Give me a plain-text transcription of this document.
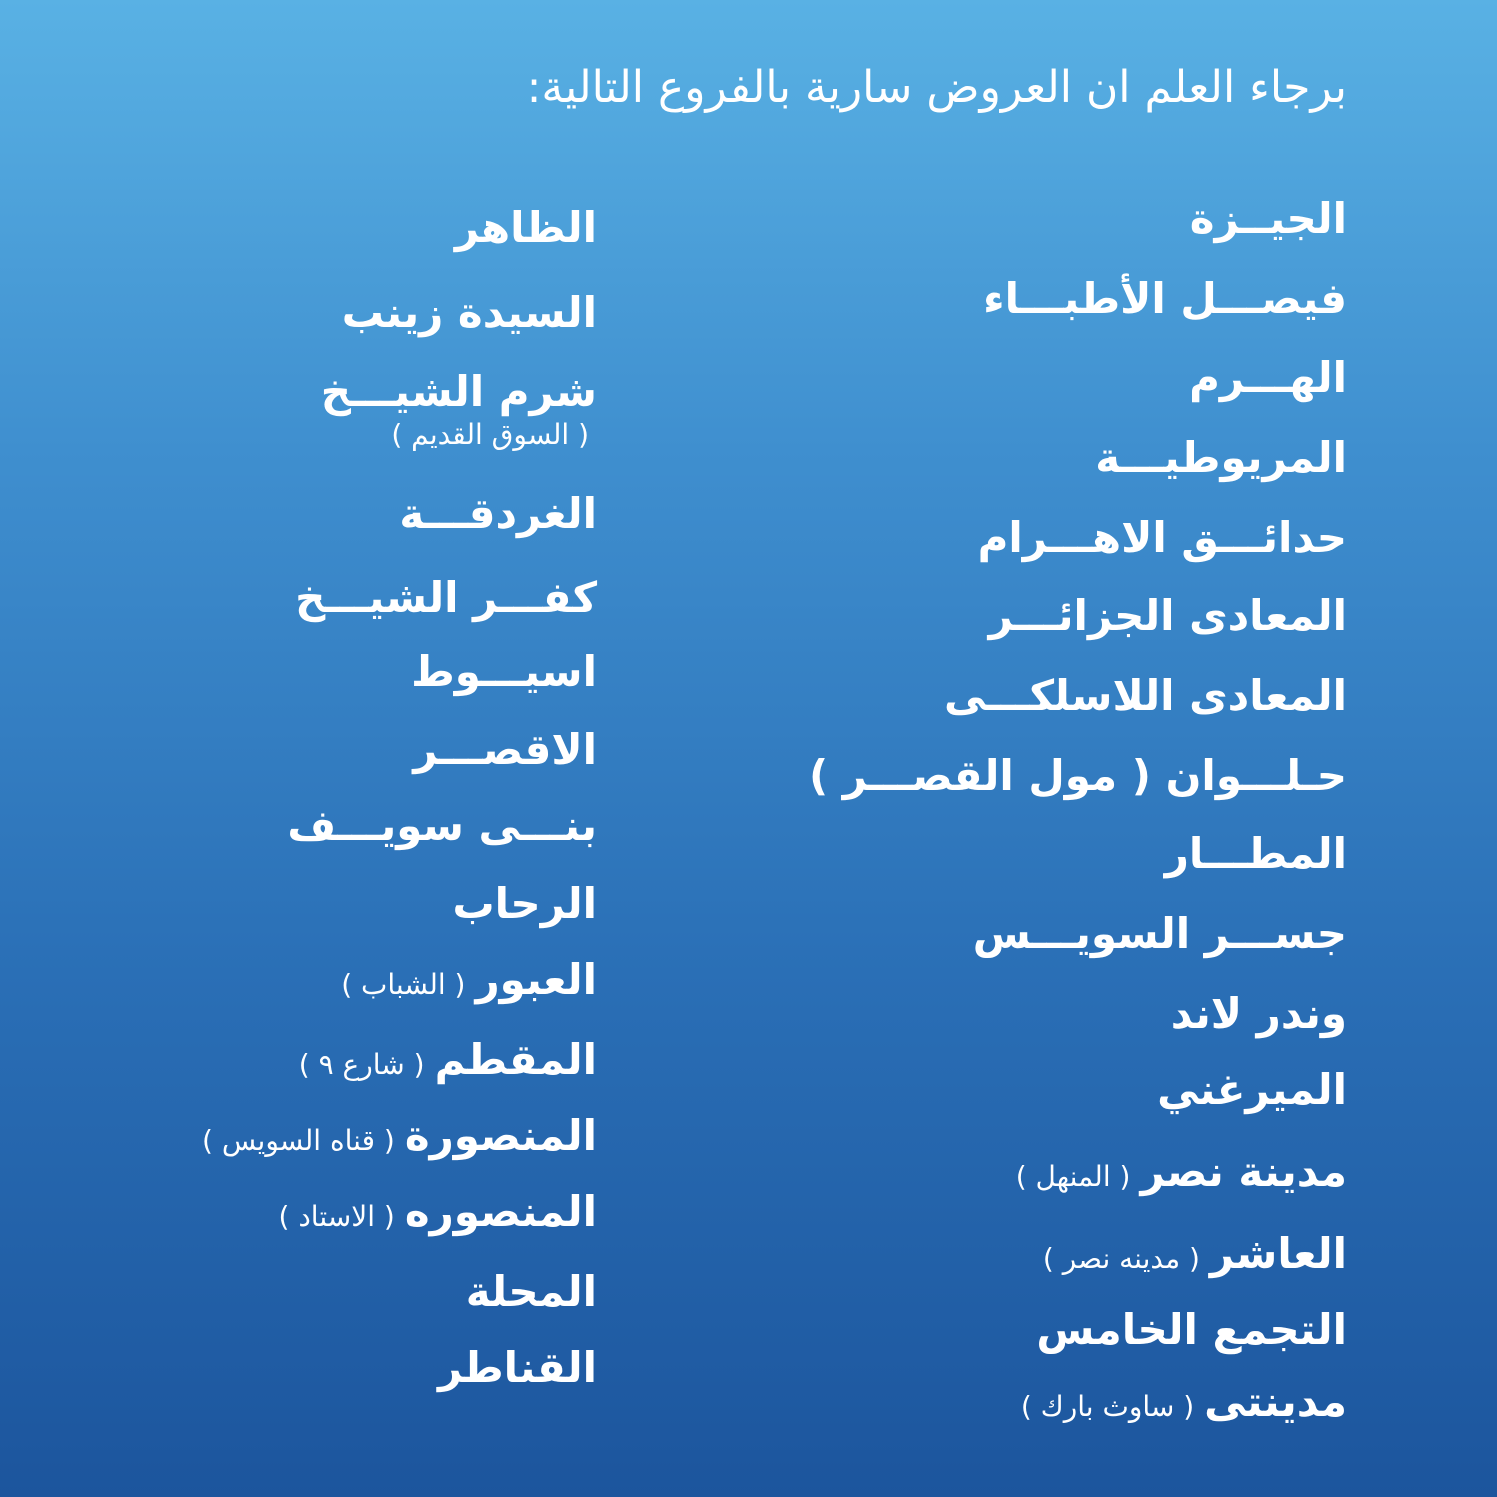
برجاء العلم ان العروض سارية بالفروع التالية:
الجيــزة
فيصـــل الأطبـــاء
الهـــرم
المريوطيـــة
حدائـــق الاهـــرام
المعادى الجزائـــر
المعادى اللاسلكـــى
حـلـــوان ( مول القصـــر )
المطـــار
جســـر السويـــس
وندر لاند
الميرغني
مدينة نصر( المنهل )
العاشر( مدينه نصر )
التجمع الخامس
مدينتى( ساوث بارك )
الظاهر
السيدة زينب
شرم الشيـــخ
( السوق القديم )
الغردقـــة
كفـــر الشيـــخ
اسيـــوط
الاقصـــر
بنـــى سويـــف
الرحاب
العبور( الشباب )
المقطم( شارع ٩ )
المنصورة( قناه السويس )
المنصوره( الاستاد )
المحلة
القناطر
